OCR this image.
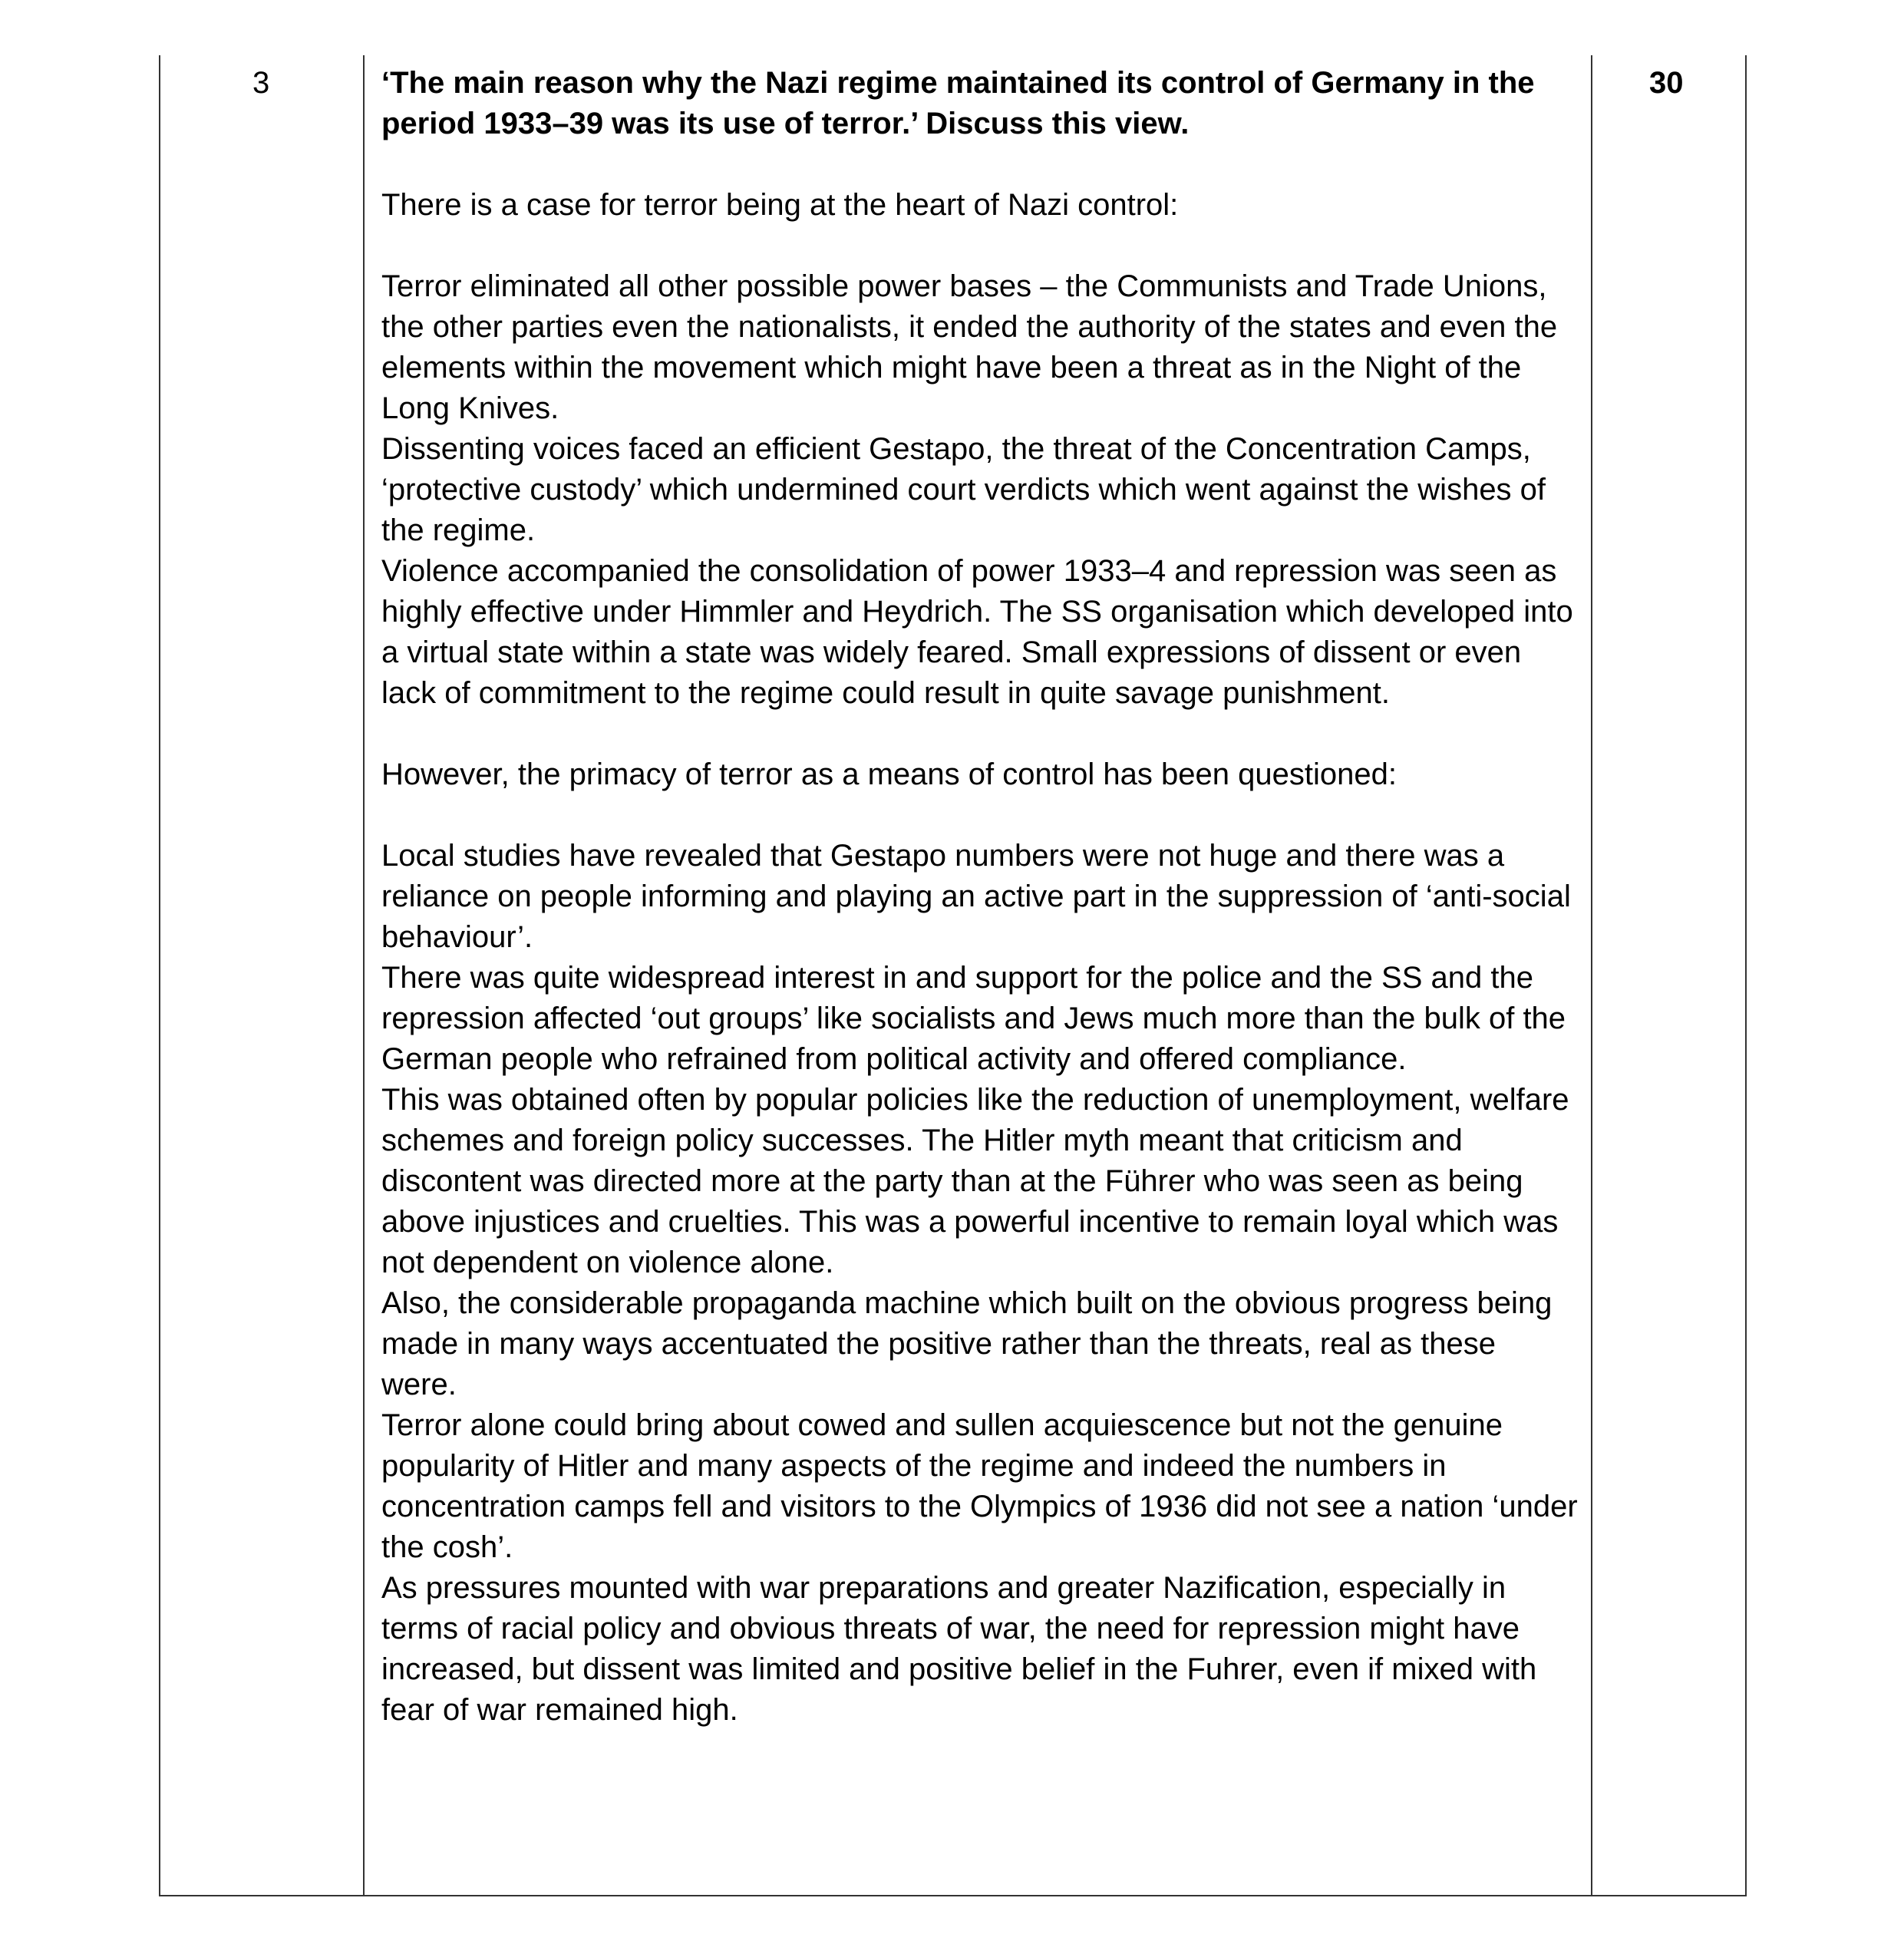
3	‘The main reason why the Nazi regime maintained its control of Germany in the period 1933–39 was its use of terror.’ Discuss this view.

There is a case for terror being at the heart of Nazi control:

Terror eliminated all other possible power bases – the Communists and Trade Unions, the other parties even the nationalists, it ended the authority of the states and even the elements within the movement which might have been a threat as in the Night of the Long Knives.

Dissenting voices faced an efficient Gestapo, the threat of the Concentration Camps, ‘protective custody’ which undermined court verdicts which went against the wishes of the regime.

Violence accompanied the consolidation of power 1933–4 and repression was seen as highly effective under Himmler and Heydrich. The SS organisation which developed into a virtual state within a state was widely feared. Small expressions of dissent or even lack of commitment to the regime could result in quite savage punishment.

However, the primacy of terror as a means of control has been questioned:

Local studies have revealed that Gestapo numbers were not huge and there was a reliance on people informing and playing an active part in the suppression of ‘anti-social behaviour’.

There was quite widespread interest in and support for the police and the SS and the repression affected ‘out groups’ like socialists and Jews much more than the bulk of the German people who refrained from political activity and offered compliance.

This was obtained often by popular policies like the reduction of unemployment, welfare schemes and foreign policy successes. The Hitler myth meant that criticism and discontent was directed more at the party than at the Führer who was seen as being above injustices and cruelties. This was a powerful incentive to remain loyal which was not dependent on violence alone.

Also, the considerable propaganda machine which built on the obvious progress being made in many ways accentuated the positive rather than the threats, real as these were.

Terror alone could bring about cowed and sullen acquiescence but not the genuine popularity of Hitler and many aspects of the regime and indeed the numbers in concentration camps fell and visitors to the Olympics of 1936 did not see a nation ‘under the cosh’.

As pressures mounted with war preparations and greater Nazification, especially in terms of racial policy and obvious threats of war, the need for repression might have increased, but dissent was limited and positive belief in the Fuhrer, even if mixed with fear of war remained high.

30
